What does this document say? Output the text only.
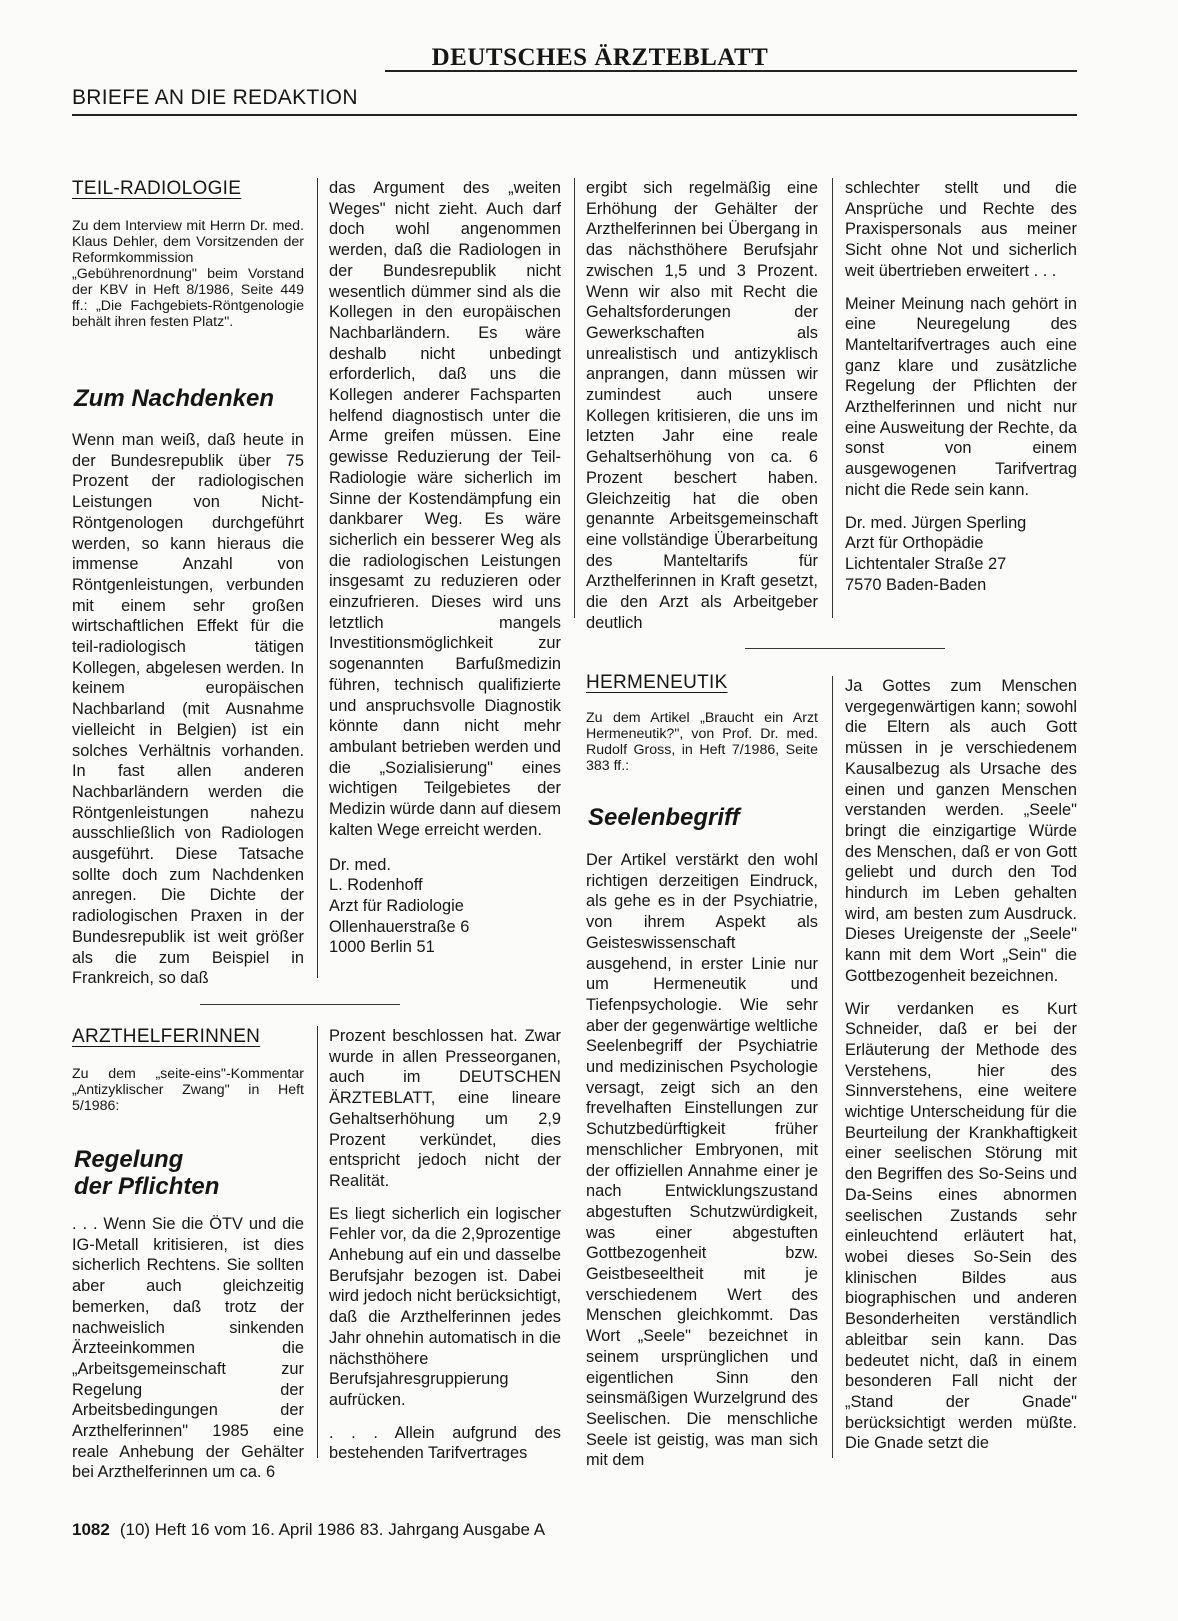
DEUTSCHES ÄRZTEBLATT
BRIEFE AN DIE REDAKTION
TEIL-RADIOLOGIE
Zu dem Interview mit Herrn Dr. med. Klaus Dehler, dem Vorsitzenden der Reformkommission „Gebührenordnung" beim Vorstand der KBV in Heft 8/1986, Seite 449 ff.: „Die Fachgebiets-Röntgenologie behält ihren festen Platz".
Zum Nachdenken

Wenn man weiß, daß heute in der Bundesrepublik über 75 Prozent der radiologischen Leistungen von Nicht-Röntgenologen durchgeführt werden, so kann hieraus die immense Anzahl von Röntgenleistungen, verbunden mit einem sehr großen wirtschaftlichen Effekt für die teil-radiologisch tätigen Kollegen, abgelesen werden. In keinem europäischen Nachbarland (mit Ausnahme vielleicht in Belgien) ist ein solches Verhältnis vorhanden. In fast allen anderen Nachbarländern werden die Röntgenleistungen nahezu ausschließlich von Radiologen ausgeführt. Diese Tatsache sollte doch zum Nachdenken anregen. Die Dichte der radiologischen Praxen in der Bundesrepublik ist weit größer als die zum Beispiel in Frankreich, so daß

das Argument des „weiten Weges" nicht zieht. Auch darf doch wohl angenommen werden, daß die Radiologen in der Bundesrepublik nicht wesentlich dümmer sind als die Kollegen in den europäischen Nachbarländern. Es wäre deshalb nicht unbedingt erforderlich, daß uns die Kollegen anderer Fachsparten helfend diagnostisch unter die Arme greifen müssen. Eine gewisse Reduzierung der Teil-Radiologie wäre sicherlich im Sinne der Kostendämpfung ein dankbarer Weg. Es wäre sicherlich ein besserer Weg als die radiologischen Leistungen insgesamt zu reduzieren oder einzufrieren. Dieses wird uns letztlich mangels Investitionsmöglichkeit zur sogenannten Barfußmedizin führen, technisch qualifizierte und anspruchsvolle Diagnostik könnte dann nicht mehr ambulant betrieben werden und die „Sozialisierung" eines wichtigen Teilgebietes der Medizin würde dann auf diesem kalten Wege erreicht werden.

Dr. med.
L. Rodenhoff
Arzt für Radiologie
Ollenhauerstraße 6
1000 Berlin 51
ARZTHELFERINNEN
Zu dem „seite-eins"-Kommentar „Antizyklischer Zwang" in Heft 5/1986:
Regelung
der Pflichten

. . . Wenn Sie die ÖTV und die IG-Metall kritisieren, ist dies sicherlich Rechtens. Sie sollten aber auch gleichzeitig bemerken, daß trotz der nachweislich sinkenden Ärzteeinkommen die „Arbeitsgemeinschaft zur Regelung der Arbeitsbedingungen der Arzthelferinnen" 1985 eine reale Anhebung der Gehälter bei Arzthelferinnen um ca. 6

Prozent beschlossen hat. Zwar wurde in allen Presseorganen, auch im DEUTSCHEN ÄRZTEBLATT, eine lineare Gehaltserhöhung um 2,9 Prozent verkündet, dies entspricht jedoch nicht der Realität.

Es liegt sicherlich ein logischer Fehler vor, da die 2,9prozentige Anhebung auf ein und dasselbe Berufsjahr bezogen ist. Dabei wird jedoch nicht berücksichtigt, daß die Arzthelferinnen jedes Jahr ohnehin automatisch in die nächsthöhere Berufsjahresgruppierung aufrücken.

. . . Allein aufgrund des bestehenden Tarifvertrages

ergibt sich regelmäßig eine Erhöhung der Gehälter der Arzthelferinnen bei Übergang in das nächsthöhere Berufsjahr zwischen 1,5 und 3 Prozent. Wenn wir also mit Recht die Gehaltsforderungen der Gewerkschaften als unrealistisch und antizyklisch anprangen, dann müssen wir zumindest auch unsere Kollegen kritisieren, die uns im letzten Jahr eine reale Gehaltserhöhung von ca. 6 Prozent beschert haben. Gleichzeitig hat die oben genannte Arbeitsgemeinschaft eine vollständige Überarbeitung des Manteltarifs für Arzthelferinnen in Kraft gesetzt, die den Arzt als Arbeitgeber deutlich

schlechter stellt und die Ansprüche und Rechte des Praxispersonals aus meiner Sicht ohne Not und sicherlich weit übertrieben erweitert . . .

Meiner Meinung nach gehört in eine Neuregelung des Manteltarifvertrages auch eine ganz klare und zusätzliche Regelung der Pflichten der Arzthelferinnen und nicht nur eine Ausweitung der Rechte, da sonst von einem ausgewogenen Tarifvertrag nicht die Rede sein kann.

Dr. med. Jürgen Sperling
Arzt für Orthopädie
Lichtentaler Straße 27
7570 Baden-Baden
HERMENEUTIK
Zu dem Artikel „Braucht ein Arzt Hermeneutik?", von Prof. Dr. med. Rudolf Gross, in Heft 7/1986, Seite 383 ff.:
Seelenbegriff

Der Artikel verstärkt den wohl richtigen derzeitigen Eindruck, als gehe es in der Psychiatrie, von ihrem Aspekt als Geisteswissenschaft ausgehend, in erster Linie nur um Hermeneutik und Tiefenpsychologie. Wie sehr aber der gegenwärtige weltliche Seelenbegriff der Psychiatrie und medizinischen Psychologie versagt, zeigt sich an den frevelhaften Einstellungen zur Schutzbedürftigkeit früher menschlicher Embryonen, mit der offiziellen Annahme einer je nach Entwicklungszustand abgestuften Schutzwürdigkeit, was einer abgestuften Gottbezogenheit bzw. Geistbeseeltheit mit je verschiedenem Wert des Menschen gleichkommt. Das Wort „Seele" bezeichnet in seinem ursprünglichen und eigentlichen Sinn den seinsmäßigen Wurzelgrund des Seelischen. Die menschliche Seele ist geistig, was man sich mit dem

Ja Gottes zum Menschen vergegenwärtigen kann; sowohl die Eltern als auch Gott müssen in je verschiedenem Kausalbezug als Ursache des einen und ganzen Menschen verstanden werden. „Seele" bringt die einzigartige Würde des Menschen, daß er von Gott geliebt und durch den Tod hindurch im Leben gehalten wird, am besten zum Ausdruck. Dieses Ureigenste der „Seele" kann mit dem Wort „Sein" die Gottbezogenheit bezeichnen.

Wir verdanken es Kurt Schneider, daß er bei der Erläuterung der Methode des Verstehens, hier des Sinnverstehens, eine weitere wichtige Unterscheidung für die Beurteilung der Krankhaftigkeit einer seelischen Störung mit den Begriffen des So-Seins und Da-Seins eines abnormen seelischen Zustands sehr einleuchtend erläutert hat, wobei dieses So-Sein des klinischen Bildes aus biographischen und anderen Besonderheiten verständlich ableitbar sein kann. Das bedeutet nicht, daß in einem besonderen Fall nicht der „Stand der Gnade" berücksichtigt werden müßte. Die Gnade setzt die

1082 (10) Heft 16 vom 16. April 1986 83. Jahrgang Ausgabe A
